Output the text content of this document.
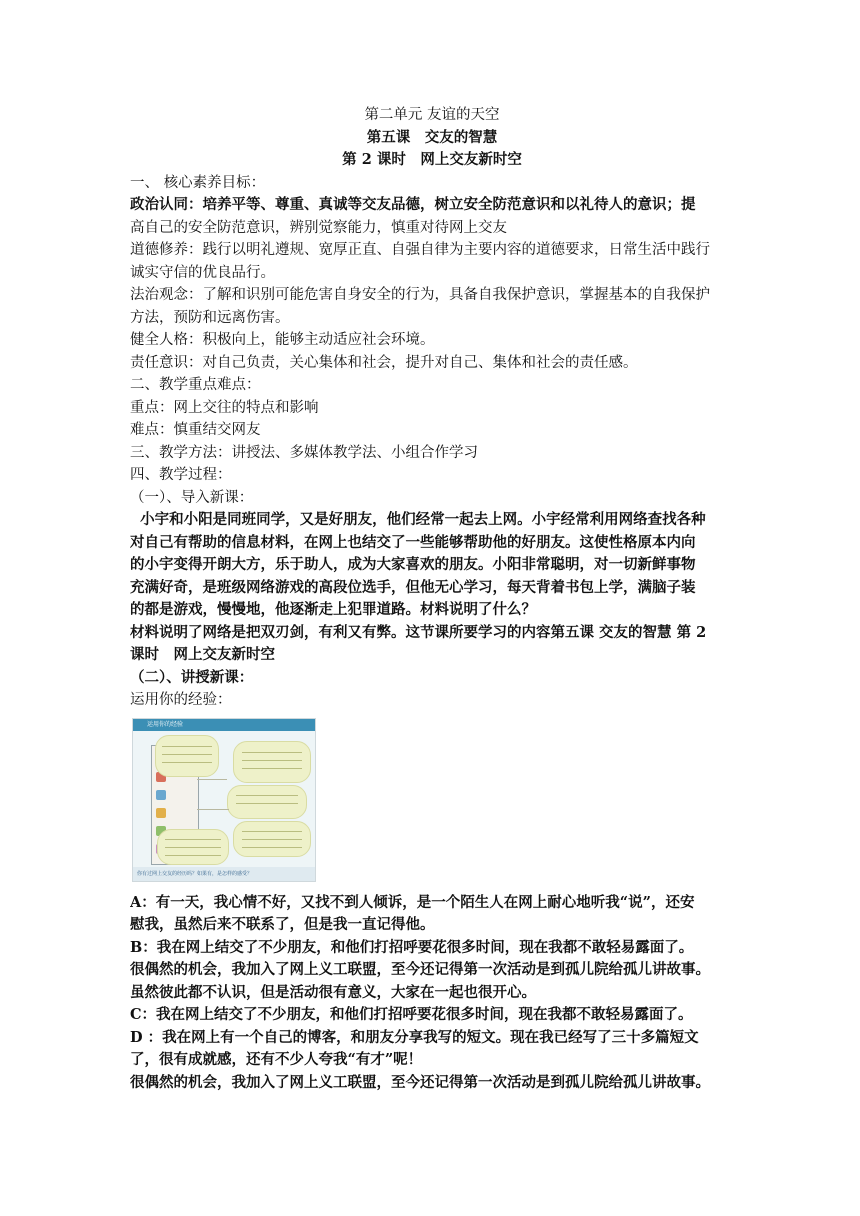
第二单元 友谊的天空
第五课　交友的智慧
第 2 课时　网上交友新时空
一、 核心素养目标：
政治认同：培养平等、尊重、真诚等交友品德，树立安全防范意识和以礼待人的意识；提
高自己的安全防范意识，辨别觉察能力，慎重对待网上交友
道德修养：践行以明礼遵规、宽厚正直、自强自律为主要内容的道德要求，日常生活中践行
诚实守信的优良品行。
法治观念：了解和识别可能危害自身安全的行为，具备自我保护意识，掌握基本的自我保护
方法，预防和远离伤害。
健全人格：积极向上，能够主动适应社会环境。
责任意识：对自己负责，关心集体和社会，提升对自己、集体和社会的责任感。
二、教学重点难点：
重点：网上交往的特点和影响
难点：慎重结交网友
三、教学方法：讲授法、多媒体教学法、小组合作学习
四、教学过程：
（一）、导入新课：
小宇和小阳是同班同学，又是好朋友，他们经常一起去上网。小宇经常利用网络查找各种
对自己有帮助的信息材料，在网上也结交了一些能够帮助他的好朋友。这使性格原本内向
的小宇变得开朗大方，乐于助人，成为大家喜欢的朋友。小阳非常聪明，对一切新鲜事物
充满好奇，是班级网络游戏的高段位选手，但他无心学习，每天背着书包上学，满脑子装
的都是游戏，慢慢地，他逐渐走上犯罪道路。材料说明了什么？
材料说明了网络是把双刃剑，有利又有弊。这节课所要学习的内容第五课 交友的智慧 第 2
课时　网上交友新时空
（二）、讲授新课：
运用你的经验：
运用你的经验
你有过网上交友的经历吗？如果有，是怎样的感受？
A：有一天，我心情不好，又找不到人倾诉，是一个陌生人在网上耐心地听我“说”，还安
慰我，虽然后来不联系了，但是我一直记得他。
B：我在网上结交了不少朋友，和他们打招呼要花很多时间，现在我都不敢轻易露面了。
很偶然的机会，我加入了网上义工联盟，至今还记得第一次活动是到孤儿院给孤儿讲故事。
虽然彼此都不认识，但是活动很有意义，大家在一起也很开心。
C：我在网上结交了不少朋友，和他们打招呼要花很多时间，现在我都不敢轻易露面了。
D ：我在网上有一个自己的博客，和朋友分享我写的短文。现在我已经写了三十多篇短文
了，很有成就感，还有不少人夸我“有才”呢！
很偶然的机会，我加入了网上义工联盟，至今还记得第一次活动是到孤儿院给孤儿讲故事。
